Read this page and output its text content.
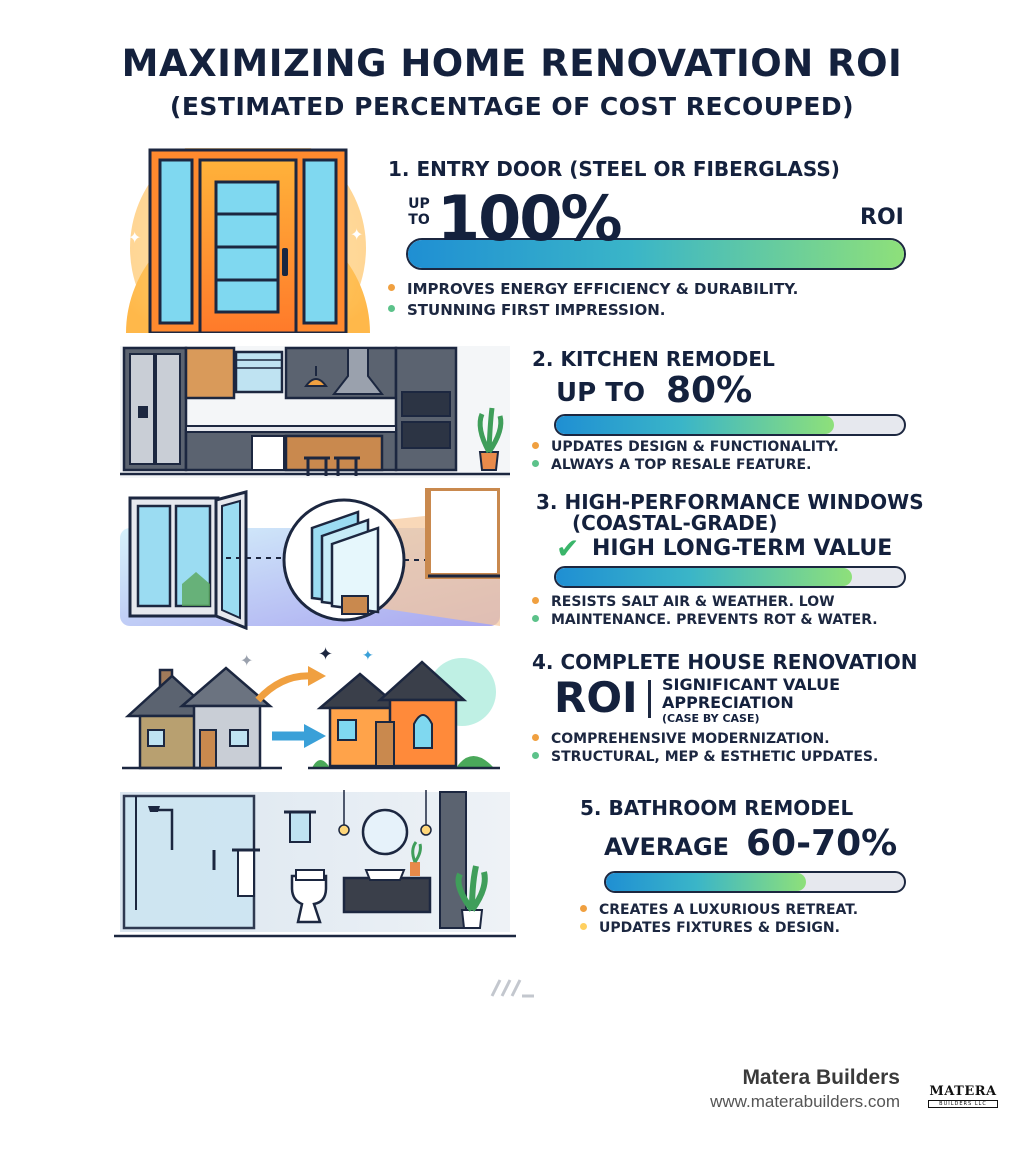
MAXIMIZING HOME RENOVATION ROI
(ESTIMATED PERCENTAGE OF COST RECOUPED)
✦	✦
1. ENTRY DOOR (STEEL OR FIBERGLASS)
UP TO 100%	ROI
IMPROVES ENERGY EFFICIENCY & DURABILITY.
STUNNING FIRST IMPRESSION.
2. KITCHEN REMODEL
UP TO 80%
UPDATES DESIGN & FUNCTIONALITY.
ALWAYS A TOP RESALE FEATURE.
3. HIGH-PERFORMANCE WINDOWS
(COASTAL-GRADE)
✔ HIGH LONG-TERM VALUE
RESISTS SALT AIR & WEATHER. LOW
MAINTENANCE. PREVENTS ROT & WATER.
✦	✦ ✦	4. COMPLETE HOUSE RENOVATION
ROI SIGNIFICANT VALUE
APPRECIATION
(CASE BY CASE)
COMPREHENSIVE MODERNIZATION.
STRUCTURAL, MEP & ESTHETIC UPDATES.
5. BATHROOM REMODEL
AVERAGE 60-70%
CREATES A LUXURIOUS RETREAT.
UPDATES FIXTURES & DESIGN.
Matera Builders
www.materabuilders.com
MATERA
BUILDERS LLC
